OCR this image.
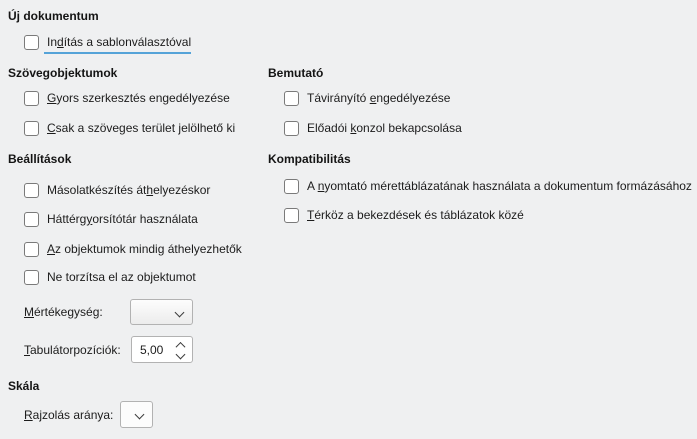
Új dokumentum
Indítás a sablonválasztóval
Szövegobjektumok
Gyors szerkesztés engedélyezése
Csak a szöveges terület jelölhető ki
Bemutató
Távirányító engedélyezése
Előadói konzol bekapcsolása
Beállítások
Másolatkészítés áthelyezéskor
Háttérgyorsítótár használata
Az objektumok mindig áthelyezhetők
Ne torzítsa el az objektumot
Mértékegység:
Tabulátorpozíciók:	5,00
Kompatibilitás
A nyomtató mérettáblázatának használata a dokumentum formázásához
Térköz a bekezdések és táblázatok közé
Skála
Rajzolás aránya:
